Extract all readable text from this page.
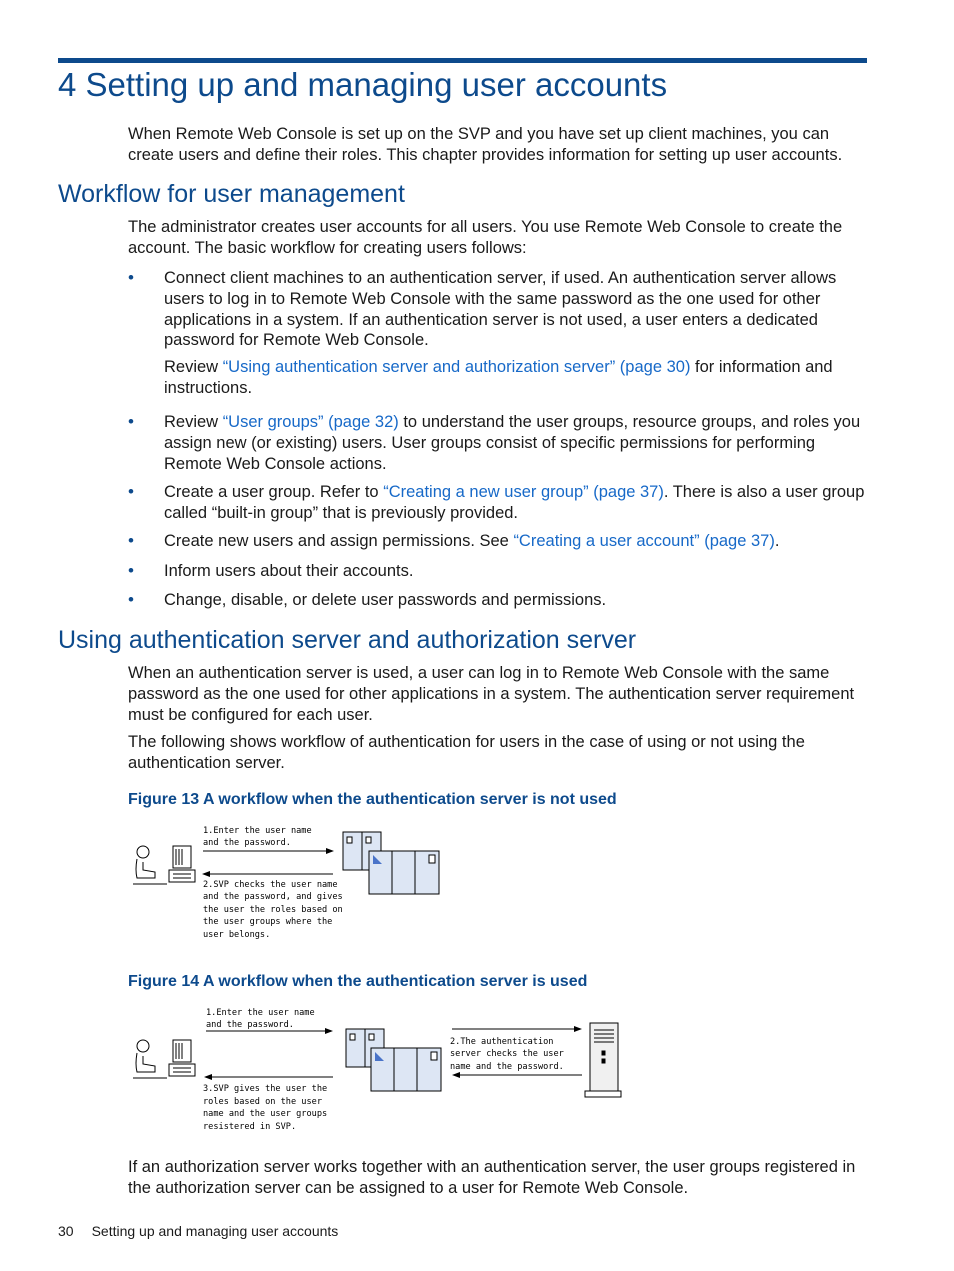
4 Setting up and managing user accounts

When Remote Web Console is set up on the SVP and you have set up client machines, you can create users and define their roles. This chapter provides information for setting up user accounts.

Workflow for user management

The administrator creates user accounts for all users. You use Remote Web Console to create the account. The basic workflow for creating users follows:

• Connect client machines to an authentication server, if used. An authentication server allows users to log in to Remote Web Console with the same password as the one used for other applications in a system. If an authentication server is not used, a user enters a dedicated password for Remote Web Console.

Review “Using authentication server and authorization server” (page 30) for information and instructions.

• Review “User groups” (page 32) to understand the user groups, resource groups, and roles you assign new (or existing) users. User groups consist of specific permissions for performing Remote Web Console actions.
• Create a user group. Refer to “Creating a new user group” (page 37). There is also a user group called “built-in group” that is previously provided.
• Create new users and assign permissions. See “Creating a user account” (page 37).
• Inform users about their accounts.
• Change, disable, or delete user passwords and permissions.
Using authentication server and authorization server

When an authentication server is used, a user can log in to Remote Web Console with the same password as the one used for other applications in a system. The authentication server requirement must be configured for each user.

The following shows workflow of authentication for users in the case of using or not using the authentication server.

Figure 13 A workflow when the authentication server is not used

1.Enter the user name
and the password.
2.SVP checks the user name
and the password, and gives
the user the roles based on
the user groups where the
user belongs.

Figure 14 A workflow when the authentication server is used

1.Enter the user name
and the password.
3.SVP gives the user the
roles based on the user
name and the user groups
resistered in SVP.
2.The authentication
server checks the user
name and the password.

If an authorization server works together with an authentication server, the user groups registered in the authorization server can be assigned to a user for Remote Web Console.

30 Setting up and managing user accounts
